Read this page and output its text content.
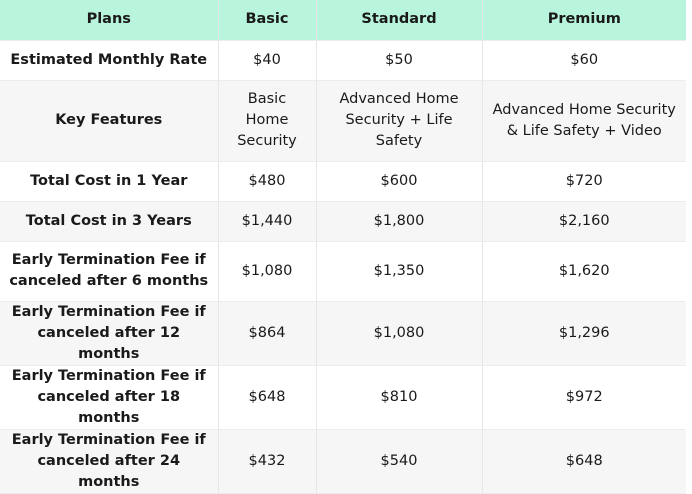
Plans	Basic	Standard	Premium
Estimated Monthly Rate	$40	$50	$60
Key Features	Basic Home Security	Advanced Home Security + Life Safety	Advanced Home Security & Life Safety + Video
Total Cost in 1 Year	$480	$600	$720
Total Cost in 3 Years	$1,440	$1,800	$2,160
Early Termination Fee if canceled after 6 months	$1,080	$1,350	$1,620
Early Termination Fee if canceled after 12 months	$864	$1,080	$1,296
Early Termination Fee if canceled after 18 months	$648	$810	$972
Early Termination Fee if canceled after 24 months	$432	$540	$648
